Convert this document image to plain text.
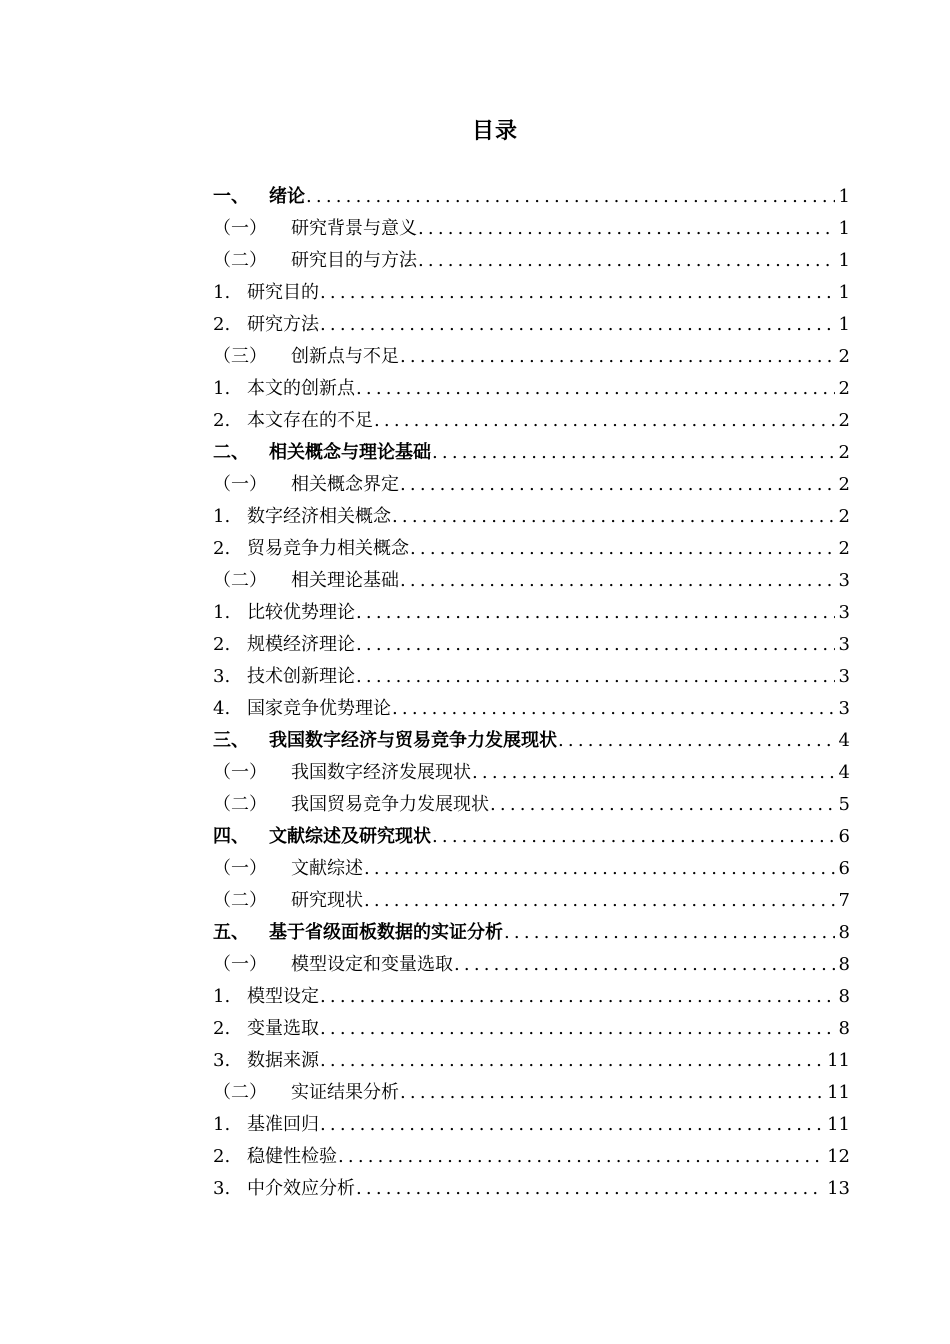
目录
一、	绪论 .....	1
（一）	研究背景与意义 .....	1
（二）	研究目的与方法 .....	1
1. 研究目的 .....	1
2. 研究方法 .....	1
（三）	创新点与不足 .....	2
1. 本文的创新点 .....	2
2. 本文存在的不足 .....	2
二、	相关概念与理论基础 .....	2
（一）	相关概念界定 .....	2
1. 数字经济相关概念 .....	2
2. 贸易竞争力相关概念 .....	2
（二）	相关理论基础 .....	3
1. 比较优势理论 .....	3
2. 规模经济理论 .....	3
3. 技术创新理论 .....	3
4. 国家竞争优势理论 .....	3
三、	我国数字经济与贸易竞争力发展现状 .....	4
（一）	我国数字经济发展现状 .....	4
（二）	我国贸易竞争力发展现状 .....	5
四、	文献综述及研究现状 .....	6
（一）	文献综述 .....	6
（二）	研究现状 .....	7
五、	基于省级面板数据的实证分析 .....	8
（一）	模型设定和变量选取 .....	8
1. 模型设定 .....	8
2. 变量选取 .....	8
3. 数据来源 .....	11
（二）	实证结果分析 .....	11
1. 基准回归 .....	11
2. 稳健性检验 .....	12
3. 中介效应分析 .....	13
